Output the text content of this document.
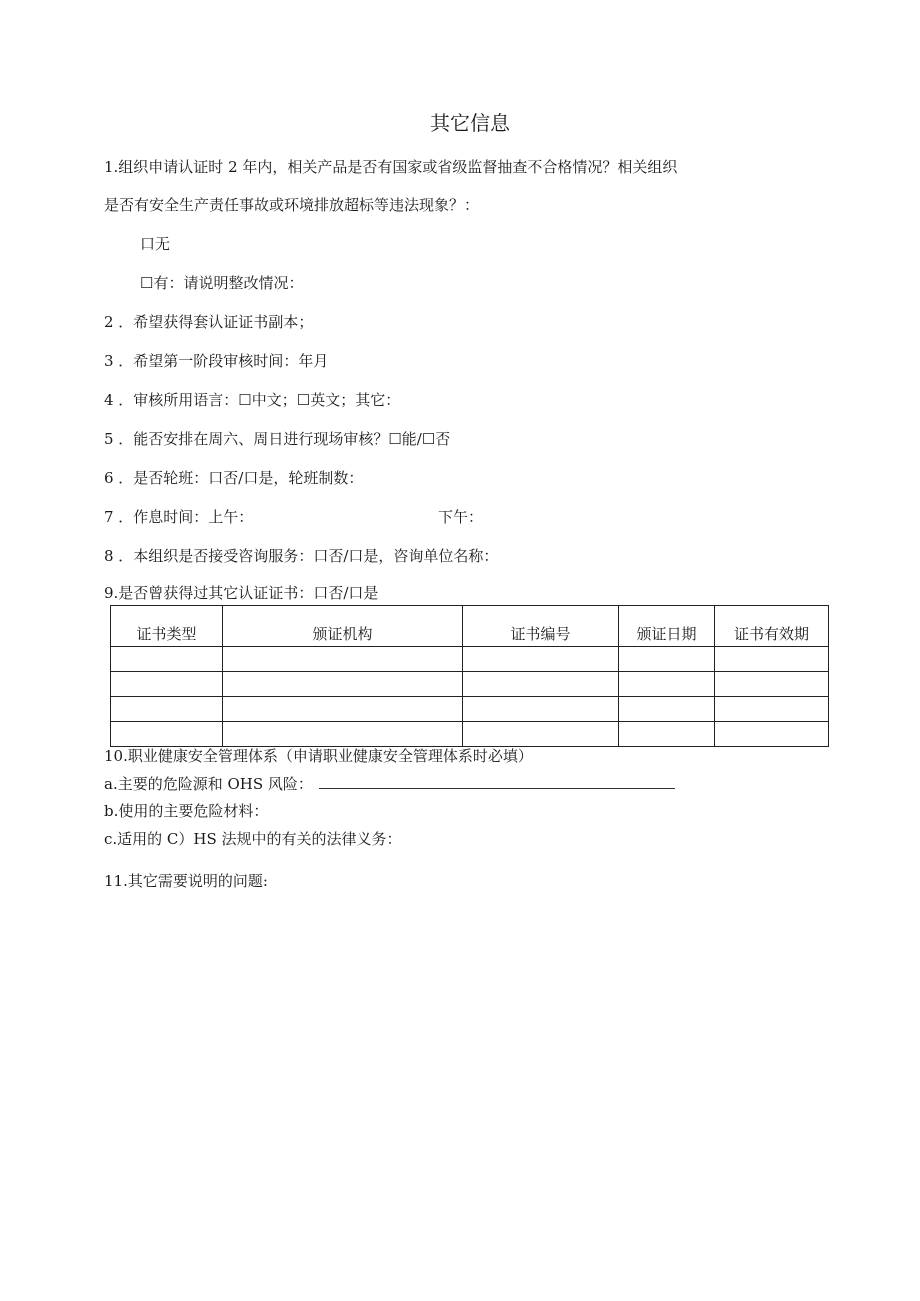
其它信息
1.组织申请认证时 2 年内，相关产品是否有国家或省级监督抽查不合格情况？相关组织
是否有安全生产责任事故或环境排放超标等违法现象？：
口无
☐有：请说明整改情况：
2 ．希望获得套认证证书副本；
3 ．希望第一阶段审核时间：年月
4 ．审核所用语言：☐中文；☐英文；其它：
5 ．能否安排在周六、周日进行现场审核？☐能/☐否
6 ．是否轮班：口否/口是，轮班制数：
7 ．作息时间：上午：	下午：
8 ．本组织是否接受咨询服务：口否/口是，咨询单位名称：
9.是否曾获得过其它认证证书：口否/口是
证书类型	颁证机构	证书编号	颁证日期	证书有效期

10.职业健康安全管理体系（申请职业健康安全管理体系时必填）
a.主要的危险源和 OHS 风险：
b.使用的主要危险材料：
c.适用的 C）HS 法规中的有关的法律义务：
11.其它需要说明的问题:
